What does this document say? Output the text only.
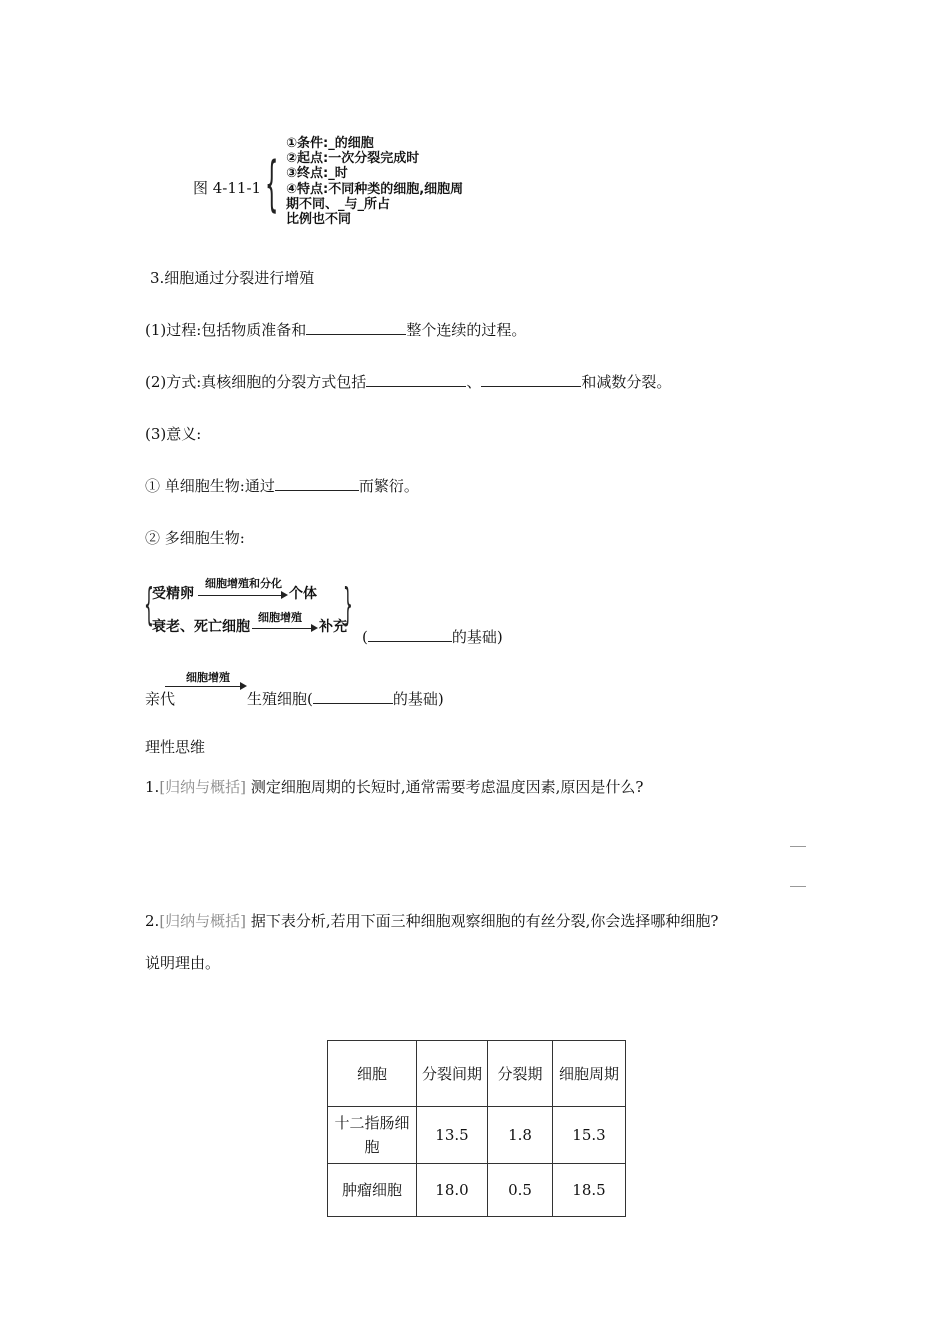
图 4-11-1 {
①条件:_的细胞
②起点:一次分裂完成时
③终点:_时
④特点:不同种类的细胞,细胞周
期不同、_与_所占
比例也不同
3.细胞通过分裂进行增殖
(1)过程:包括物质准备和	整个连续的过程。
(2)方式:真核细胞的分裂方式包括	、	和减数分裂。
(3)意义:
① 单细胞生物:通过	而繁衍。
② 多细胞生物:
{
受精卵
细胞增殖和分化
个体
衰老、死亡细胞
细胞增殖
补充
}
(	的基础)
亲代
细胞增殖
生殖细胞(	的基础)
理性思维
1.[归纳与概括] 测定细胞周期的长短时,通常需要考虑温度因素,原因是什么?
2.[归纳与概括] 据下表分析,若用下面三种细胞观察细胞的有丝分裂,你会选择哪种细胞?
说明理由。
细胞	分裂间期	分裂期	细胞周期
十二指肠细胞	13.5	1.8	15.3
肿瘤细胞	18.0	0.5	18.5
